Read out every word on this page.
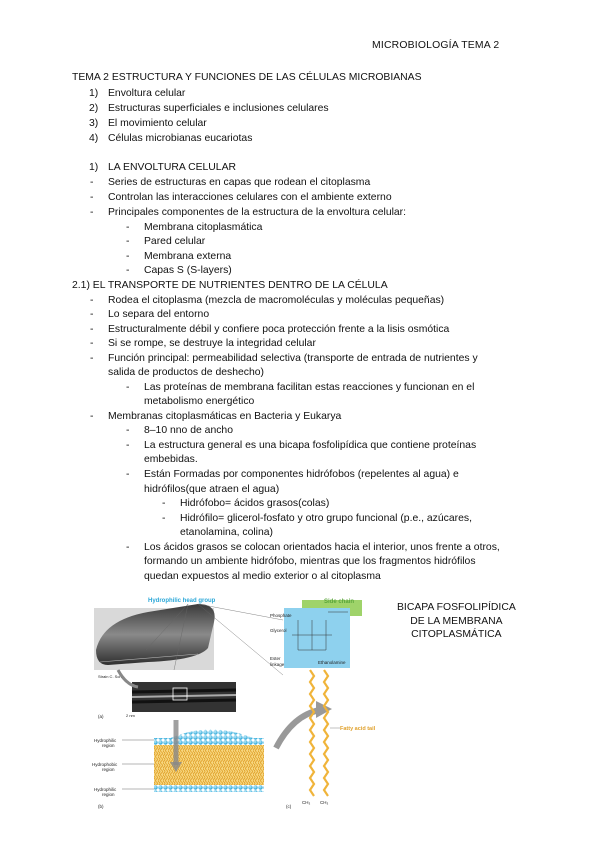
MICROBIOLOGÍA TEMA 2
TEMA 2 ESTRUCTURA Y FUNCIONES DE LAS CÉLULAS MICROBIANAS
1) Envoltura celular
2) Estructuras superficiales e inclusiones celulares
3) El movimiento celular
4) Células microbianas eucariotas
1) LA ENVOLTURA CELULAR
- Series de estructuras en capas que rodean el citoplasma
- Controlan las interacciones celulares con el ambiente externo
- Principales componentes de la estructura de la envoltura celular:
- Membrana citoplasmática
- Pared celular
- Membrana externa
- Capas S (S-layers)
2.1) EL TRANSPORTE DE NUTRIENTES DENTRO DE LA CÉLULA
- Rodea el citoplasma (mezcla de macromoléculas y moléculas pequeñas)
- Lo separa del entorno
- Estructuralmente débil y confiere poca protección frente a la lisis osmótica
- Si se rompe, se destruye la integridad celular
- Función principal: permeabilidad selectiva (transporte de entrada de nutrientes y
salida de productos de deshecho)
- Las proteínas de membrana facilitan estas reacciones y funcionan en el
metabolismo energético
- Membranas citoplasmáticas en Bacteria y Eukarya
- 8–10 nno de ancho
- La estructura general es una bicapa fosfolipídica que contiene proteínas
embebidas.
- Están Formadas por componentes hidrófobos (repelentes al agua) e
hidrófilos(que atraen el agua)
- Hidrófobo= ácidos grasos(colas)
- Hidrófilo= glicerol-fosfato y otro grupo funcional (p.e., azúcares,
etanolamina, colina)
- Los ácidos grasos se colocan orientados hacia el interior, unos frente a otros,
formando un ambiente hidrófobo, mientras que los fragmentos hidrófilos
quedan expuestos al medio exterior o al citoplasma
BICAPA FOSFOLIPÍDICA
DE LA MEMBRANA
CITOPLASMÁTICA
Strain C. Sch.
(a)	2 nm
Hydrophilic
region
Hydrophobic
region
Hydrophilic
region
(b)
Hydrophilic head group	Side chain
Phosphate
Glycerol
Ester
linkage	Ethanolamine
Fatty acid tail
CH₃ CH₃
(c)
